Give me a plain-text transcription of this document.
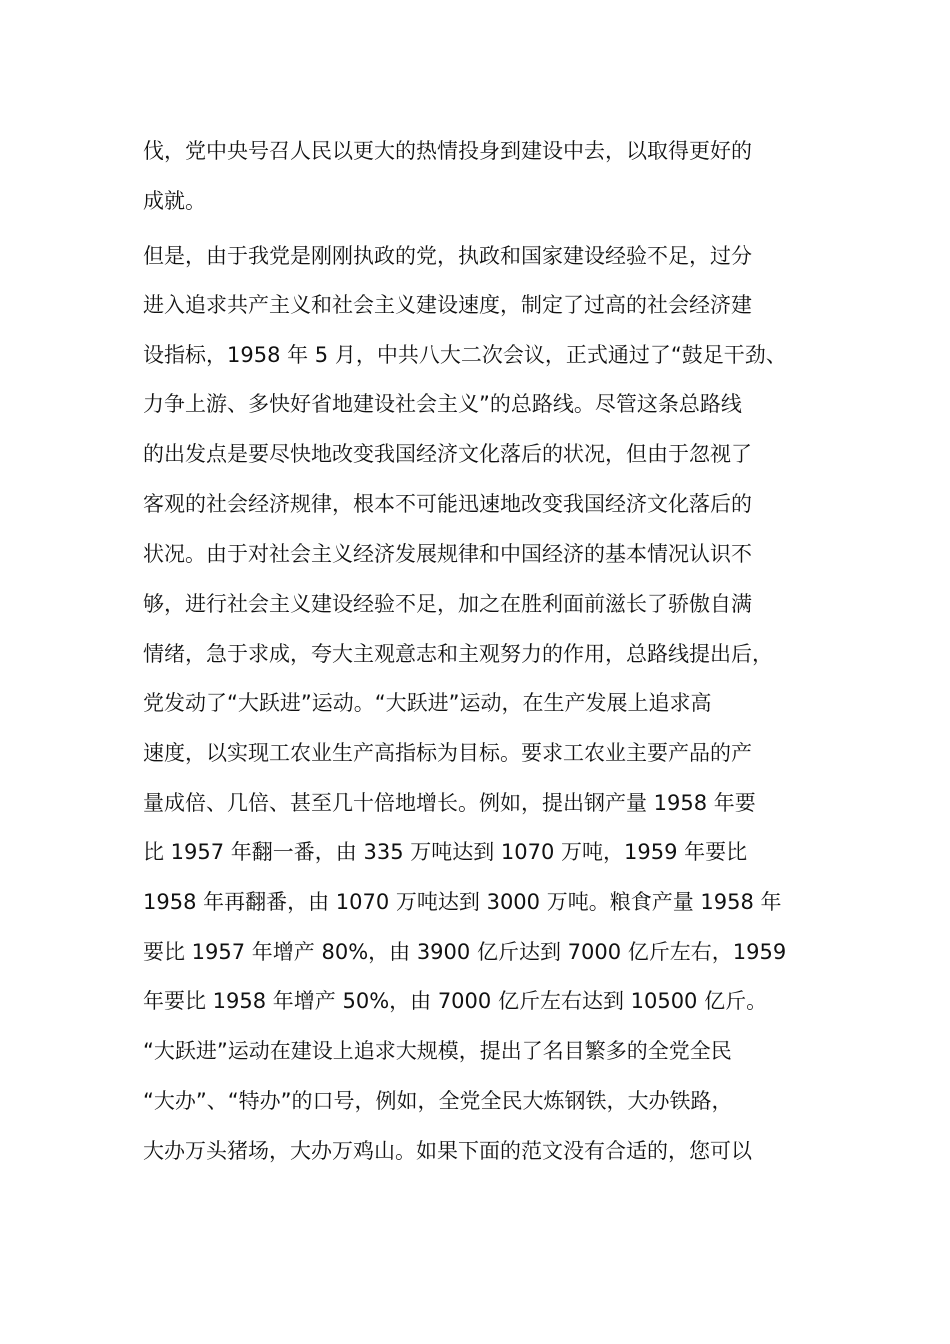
伐，党中央号召人民以更大的热情投身到建设中去，以取得更好的
成就。
但是，由于我党是刚刚执政的党，执政和国家建设经验不足，过分
进入追求共产主义和社会主义建设速度，制定了过高的社会经济建
设指标，1958 年 5 月，中共八大二次会议，正式通过了“鼓足干劲、
力争上游、多快好省地建设社会主义”的总路线。尽管这条总路线
的出发点是要尽快地改变我国经济文化落后的状况，但由于忽视了
客观的社会经济规律，根本不可能迅速地改变我国经济文化落后的
状况。由于对社会主义经济发展规律和中国经济的基本情况认识不
够，进行社会主义建设经验不足，加之在胜利面前滋长了骄傲自满
情绪，急于求成，夸大主观意志和主观努力的作用，总路线提出后，
党发动了“大跃进”运动。“大跃进”运动，在生产发展上追求高
速度，以实现工农业生产高指标为目标。要求工农业主要产品的产
量成倍、几倍、甚至几十倍地增长。例如，提出钢产量 1958 年要
比 1957 年翻一番，由 335 万吨达到 1070 万吨，1959 年要比
1958 年再翻番，由 1070 万吨达到 3000 万吨。粮食产量 1958 年
要比 1957 年增产 80%，由 3900 亿斤达到 7000 亿斤左右，1959
年要比 1958 年增产 50%，由 7000 亿斤左右达到 10500 亿斤。
“大跃进”运动在建设上追求大规模，提出了名目繁多的全党全民
“大办”、“特办”的口号，例如，全党全民大炼钢铁，大办铁路，
大办万头猪场，大办万鸡山。如果下面的范文没有合适的，您可以
